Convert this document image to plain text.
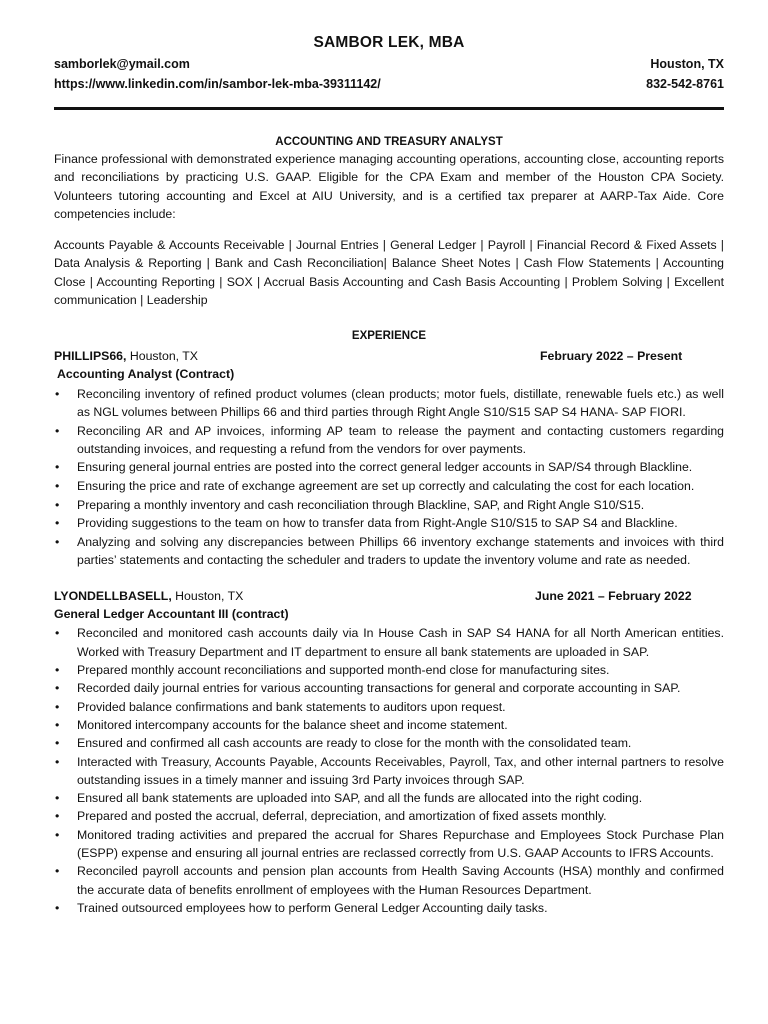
SAMBOR LEK, MBA
samborlek@ymail.com	Houston, TX
https://www.linkedin.com/in/sambor-lek-mba-39311142/	832-542-8761
ACCOUNTING AND TREASURY ANALYST

Finance professional with demonstrated experience managing accounting operations, accounting close, accounting reports and reconciliations by practicing U.S. GAAP. Eligible for the CPA Exam and member of the Houston CPA Society. Volunteers tutoring accounting and Excel at AIU University, and is a certified tax preparer at AARP-Tax Aide. Core competencies include:

Accounts Payable & Accounts Receivable | Journal Entries | General Ledger | Payroll | Financial Record & Fixed Assets | Data Analysis & Reporting | Bank and Cash Reconciliation| Balance Sheet Notes | Cash Flow Statements | Accounting Close | Accounting Reporting | SOX | Accrual Basis Accounting and Cash Basis Accounting | Problem Solving | Excellent communication | Leadership

EXPERIENCE
PHILLIPS66, Houston, TX	February 2022 – Present
Accounting Analyst (Contract)
• Reconciling inventory of refined product volumes (clean products; motor fuels, distillate, renewable fuels etc.) as well as NGL volumes between Phillips 66 and third parties through Right Angle S10/S15 SAP S4 HANA- SAP FIORI.
• Reconciling AR and AP invoices, informing AP team to release the payment and contacting customers regarding outstanding invoices, and requesting a refund from the vendors for over payments.
• Ensuring general journal entries are posted into the correct general ledger accounts in SAP/S4 through Blackline.
• Ensuring the price and rate of exchange agreement are set up correctly and calculating the cost for each location.
• Preparing a monthly inventory and cash reconciliation through Blackline, SAP, and Right Angle S10/S15.
• Providing suggestions to the team on how to transfer data from Right-Angle S10/S15 to SAP S4 and Blackline.
• Analyzing and solving any discrepancies between Phillips 66 inventory exchange statements and invoices with third parties’ statements and contacting the scheduler and traders to update the inventory volume and rate as needed.
LYONDELLBASELL, Houston, TX	June 2021 – February 2022
General Ledger Accountant III (contract)
• Reconciled and monitored cash accounts daily via In House Cash in SAP S4 HANA for all North American entities. Worked with Treasury Department and IT department to ensure all bank statements are uploaded in SAP.
• Prepared monthly account reconciliations and supported month-end close for manufacturing sites.
• Recorded daily journal entries for various accounting transactions for general and corporate accounting in SAP.
• Provided balance confirmations and bank statements to auditors upon request.
• Monitored intercompany accounts for the balance sheet and income statement.
• Ensured and confirmed all cash accounts are ready to close for the month with the consolidated team.
• Interacted with Treasury, Accounts Payable, Accounts Receivables, Payroll, Tax, and other internal partners to resolve outstanding issues in a timely manner and issuing 3rd Party invoices through SAP.
• Ensured all bank statements are uploaded into SAP, and all the funds are allocated into the right coding.
• Prepared and posted the accrual, deferral, depreciation, and amortization of fixed assets monthly.
• Monitored trading activities and prepared the accrual for Shares Repurchase and Employees Stock Purchase Plan (ESPP) expense and ensuring all journal entries are reclassed correctly from U.S. GAAP Accounts to IFRS Accounts.
• Reconciled payroll accounts and pension plan accounts from Health Saving Accounts (HSA) monthly and confirmed the accurate data of benefits enrollment of employees with the Human Resources Department.
• Trained outsourced employees how to perform General Ledger Accounting daily tasks.
